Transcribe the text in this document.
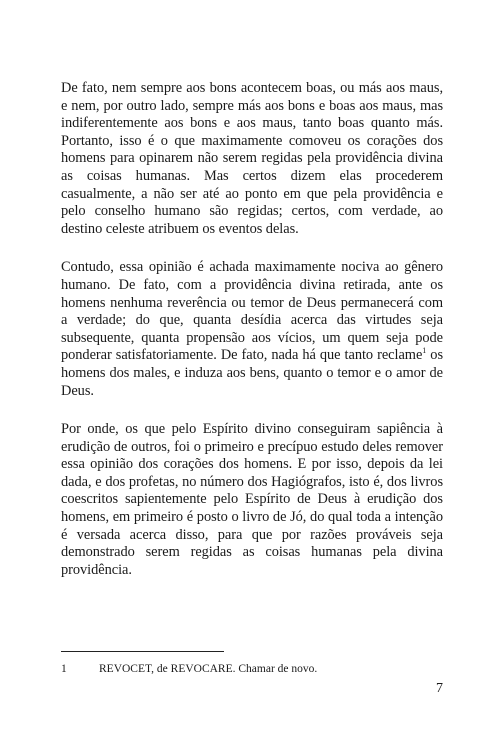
De fato, nem sempre aos bons acontecem boas, ou más aos maus, e nem, por outro lado, sempre más aos bons e boas aos maus, mas indiferentemente aos bons e aos maus, tanto boas quanto más. Portanto, isso é o que maximamente comoveu os corações dos homens para opinarem não serem regidas pela providência divina as coisas humanas. Mas certos dizem elas procederem casualmente, a não ser até ao ponto em que pela providência e pelo conselho humano são regidas; certos, com verdade, ao destino celeste atribuem os eventos delas.

Contudo, essa opinião é achada maximamente nociva ao gênero humano. De fato, com a providência divina retirada, ante os homens nenhuma reverência ou temor de Deus permanecerá com a verdade; do que, quanta desídia acerca das virtudes seja subsequente, quanta propensão aos vícios, um quem seja pode ponderar satisfatoriamente. De fato, nada há que tanto reclame$^1$ os homens dos males, e induza aos bens, quanto o temor e o amor de Deus.

Por onde, os que pelo Espírito divino conseguiram sapiência à erudição de outros, foi o primeiro e precípuo estudo deles remover essa opinião dos corações dos homens. E por isso, depois da lei dada, e dos profetas, no número dos Hagiógrafos, isto é, dos livros coescritos sapientemente pelo Espírito de Deus à erudição dos homens, em primeiro é posto o livro de Jó, do qual toda a intenção é versada acerca disso, para que por razões prováveis seja demonstrado serem regidas as coisas humanas pela divina providência.

1	REVOCET, de REVOCARE. Chamar de novo.
7
